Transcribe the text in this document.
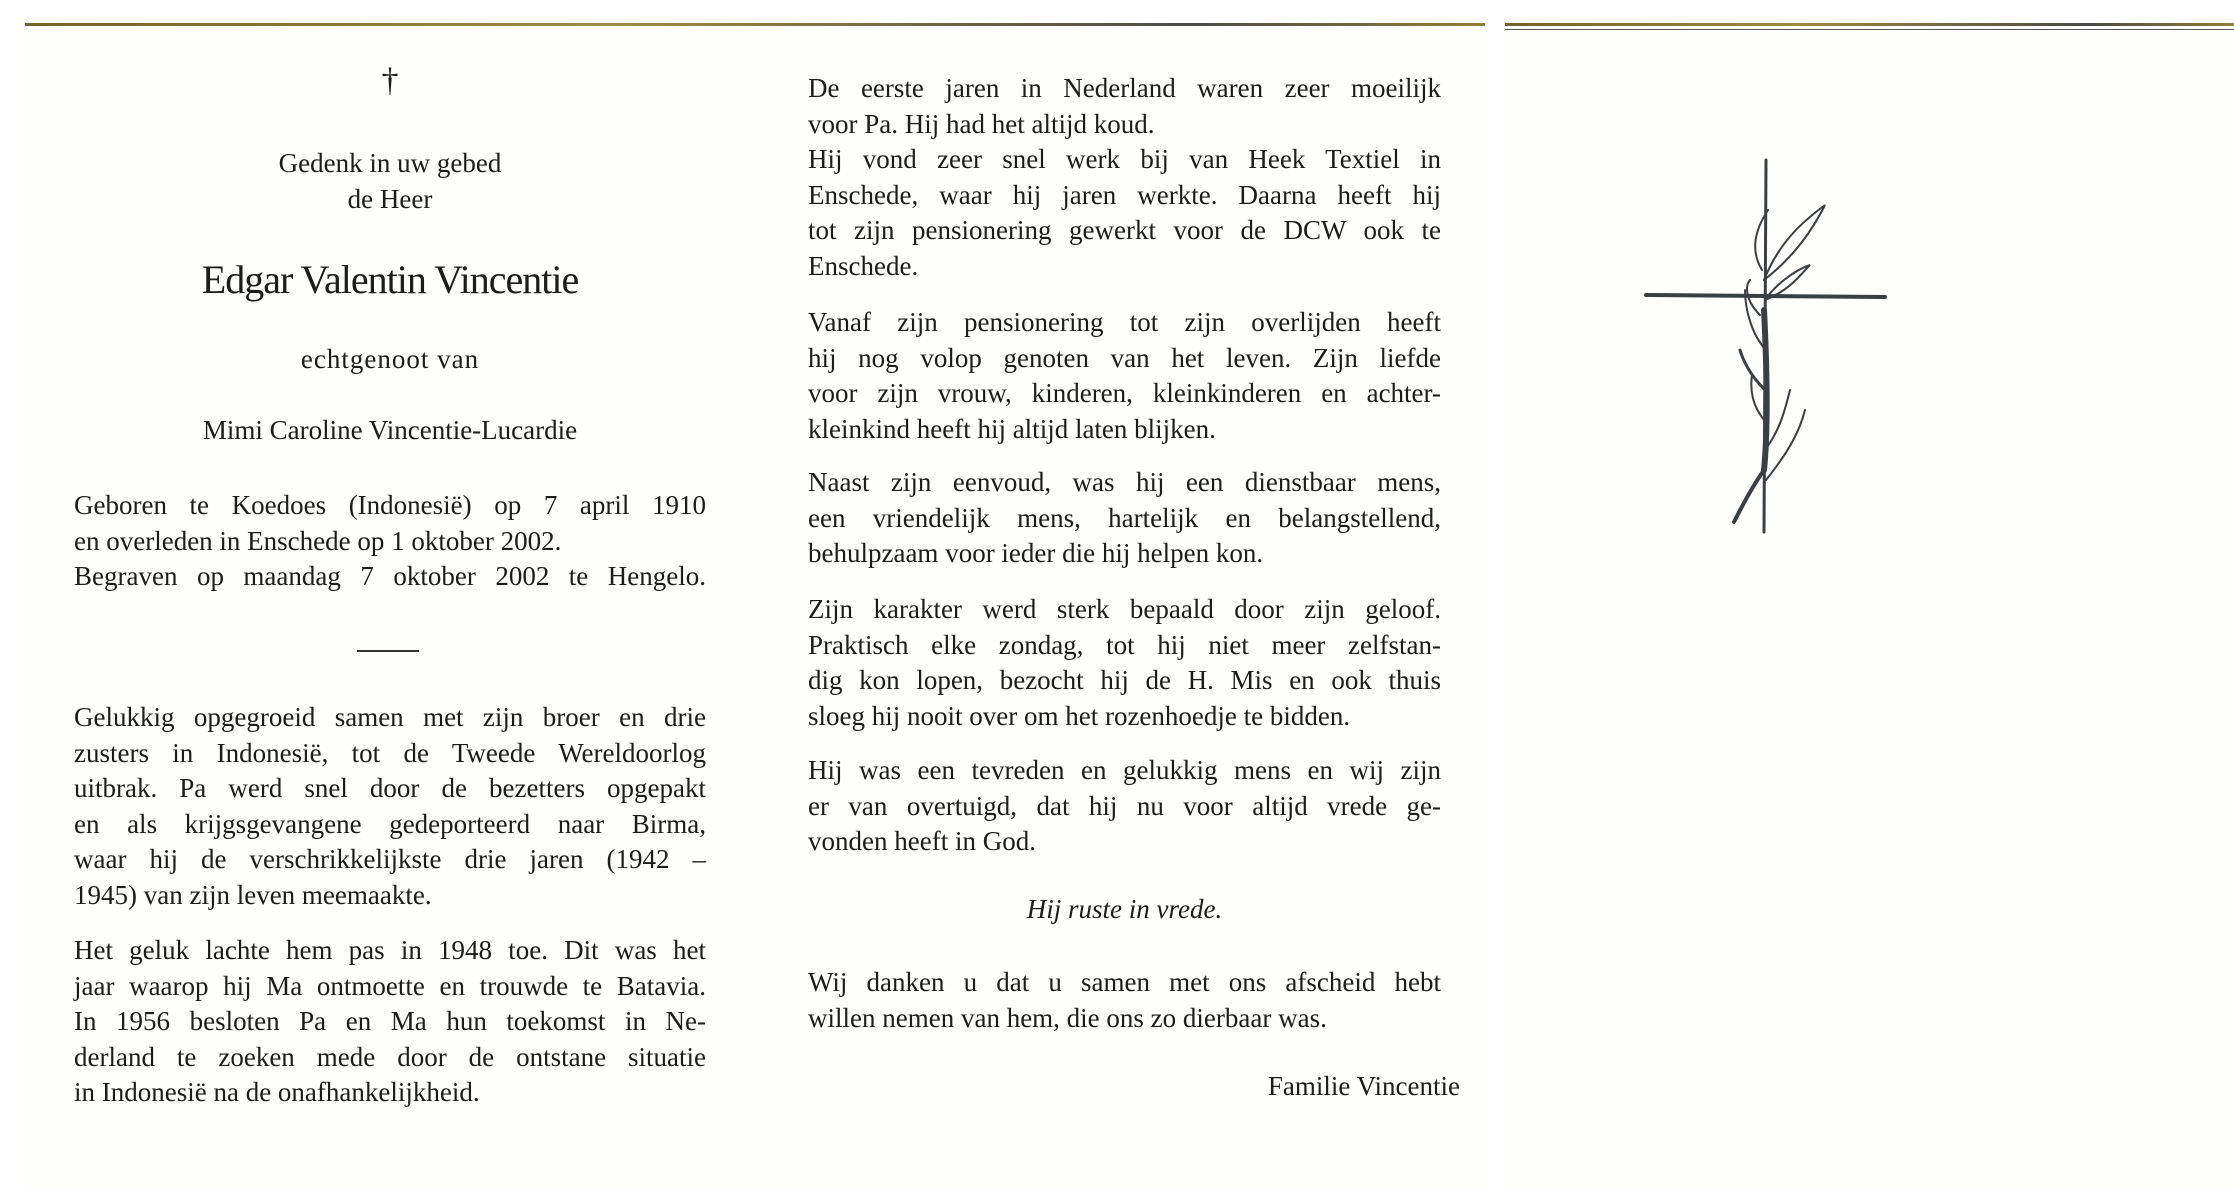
†
Gedenk in uw gebed
de Heer
Edgar Valentin Vincentie
echtgenoot van
Mimi Caroline Vincentie-Lucardie
Geboren te Koedoes (Indonesië) op 7 april 1910
en overleden in Enschede op 1 oktober 2002.
Begraven op maandag 7 oktober 2002 te Hengelo.
Gelukkig opgegroeid samen met zijn broer en drie
zusters in Indonesië, tot de Tweede Wereldoorlog
uitbrak. Pa werd snel door de bezetters opgepakt
en als krijgsgevangene gedeporteerd naar Birma,
waar hij de verschrikkelijkste drie jaren (1942 –
1945) van zijn leven meemaakte.
Het geluk lachte hem pas in 1948 toe. Dit was het
jaar waarop hij Ma ontmoette en trouwde te Batavia.
In 1956 besloten Pa en Ma hun toekomst in Ne-
derland te zoeken mede door de ontstane situatie
in Indonesië na de onafhankelijkheid.
De eerste jaren in Nederland waren zeer moeilijk
voor Pa. Hij had het altijd koud.
Hij vond zeer snel werk bij van Heek Textiel in
Enschede, waar hij jaren werkte. Daarna heeft hij
tot zijn pensionering gewerkt voor de DCW ook te
Enschede.
Vanaf zijn pensionering tot zijn overlijden heeft
hij nog volop genoten van het leven. Zijn liefde
voor zijn vrouw, kinderen, kleinkinderen en achter-
kleinkind heeft hij altijd laten blijken.
Naast zijn eenvoud, was hij een dienstbaar mens,
een vriendelijk mens, hartelijk en belangstellend,
behulpzaam voor ieder die hij helpen kon.
Zijn karakter werd sterk bepaald door zijn geloof.
Praktisch elke zondag, tot hij niet meer zelfstan-
dig kon lopen, bezocht hij de H. Mis en ook thuis
sloeg hij nooit over om het rozenhoedje te bidden.
Hij was een tevreden en gelukkig mens en wij zijn
er van overtuigd, dat hij nu voor altijd vrede ge-
vonden heeft in God.
Hij ruste in vrede.
Wij danken u dat u samen met ons afscheid hebt
willen nemen van hem, die ons zo dierbaar was.
Familie Vincentie
